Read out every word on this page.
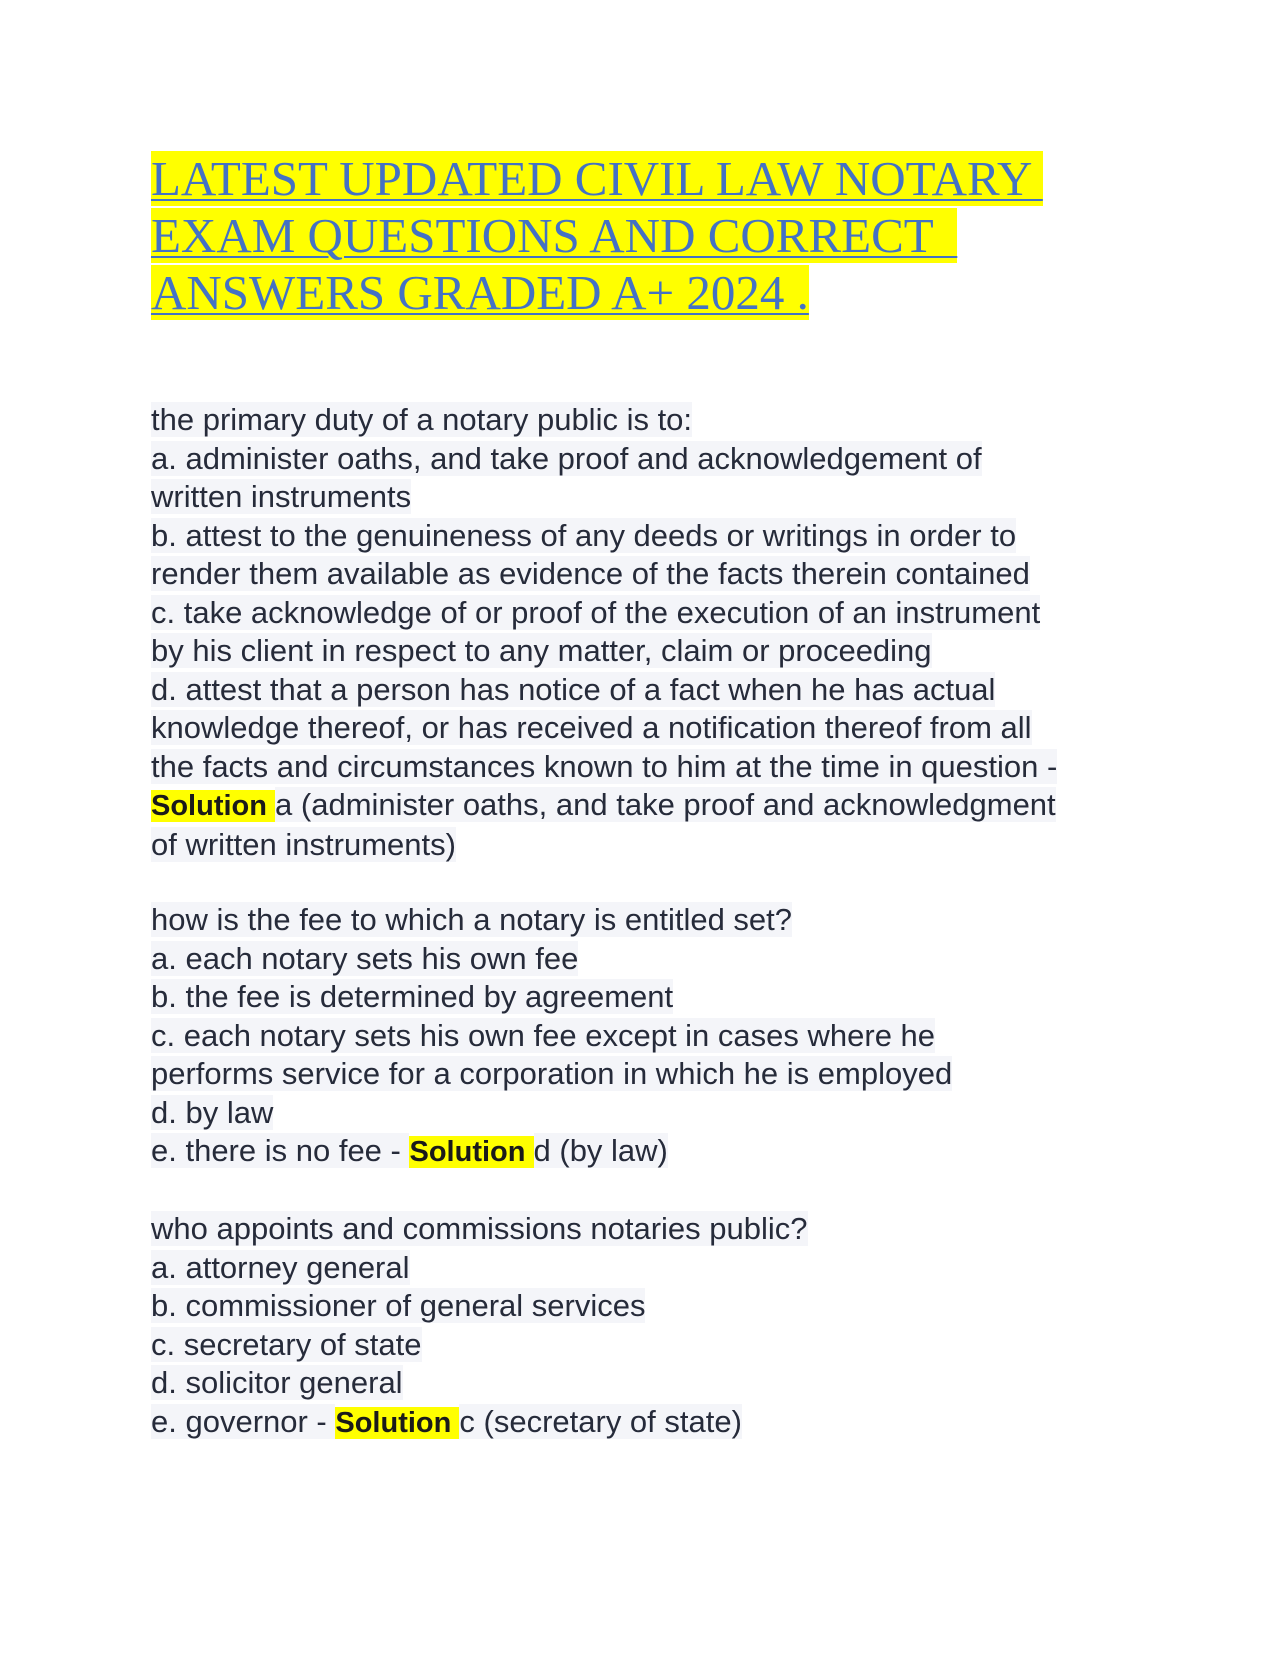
LATEST UPDATED CIVIL LAW NOTARY
EXAM QUESTIONS AND CORRECT
ANSWERS GRADED A+ 2024 .
the primary duty of a notary public is to:
a. administer oaths, and take proof and acknowledgement of
written instruments
b. attest to the genuineness of any deeds or writings in order to
render them available as evidence of the facts therein contained
c. take acknowledge of or proof of the execution of an instrument
by his client in respect to any matter, claim or proceeding
d. attest that a person has notice of a fact when he has actual
knowledge thereof, or has received a notification thereof from all
the facts and circumstances known to him at the time in question -
Solution a (administer oaths, and take proof and acknowledgment
of written instruments)
how is the fee to which a notary is entitled set?
a. each notary sets his own fee
b. the fee is determined by agreement
c. each notary sets his own fee except in cases where he
performs service for a corporation in which he is employed
d. by law
e. there is no fee - Solution d (by law)
who appoints and commissions notaries public?
a. attorney general
b. commissioner of general services
c. secretary of state
d. solicitor general
e. governor - Solution c (secretary of state)
